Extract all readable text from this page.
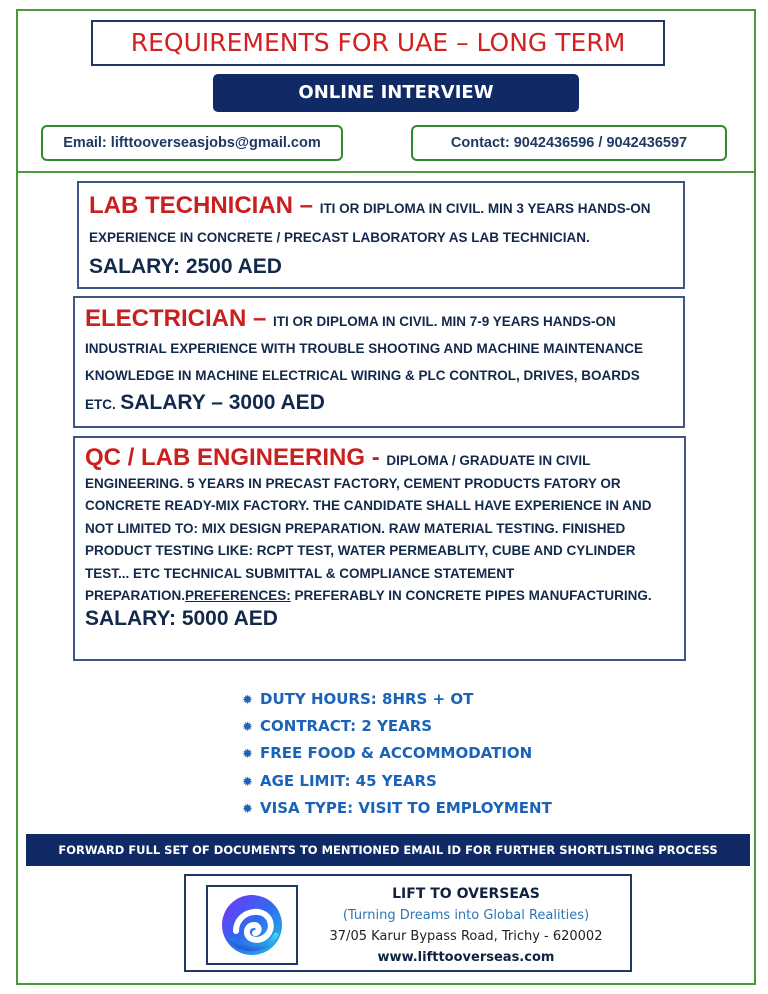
REQUIREMENTS FOR UAE – LONG TERM
ONLINE INTERVIEW
Email: lifttooverseasjobs@gmail.com	Contact: 9042436596 / 9042436597

LAB TECHNICIAN – ITI OR DIPLOMA IN CIVIL. MIN 3 YEARS HANDS-ON EXPERIENCE IN CONCRETE / PRECAST LABORATORY AS LAB TECHNICIAN. SALARY: 2500 AED

ELECTRICIAN – ITI OR DIPLOMA IN CIVIL. MIN 7-9 YEARS HANDS-ON INDUSTRIAL EXPERIENCE WITH TROUBLE SHOOTING AND MACHINE MAINTENANCE KNOWLEDGE IN MACHINE ELECTRICAL WIRING & PLC CONTROL, DRIVES, BOARDS ETC. SALARY – 3000 AED

QC / LAB ENGINEERING - DIPLOMA / GRADUATE IN CIVIL ENGINEERING. 5 YEARS IN PRECAST FACTORY, CEMENT PRODUCTS FATORY OR CONCRETE READY-MIX FACTORY. THE CANDIDATE SHALL HAVE EXPERIENCE IN AND NOT LIMITED TO: MIX DESIGN PREPARATION. RAW MATERIAL TESTING. FINISHED PRODUCT TESTING LIKE: RCPT TEST, WATER PERMEABLITY, CUBE AND CYLINDER TEST... ETC TECHNICAL SUBMITTAL & COMPLIANCE STATEMENT PREPARATION.PREFERENCES: PREFERABLY IN CONCRETE PIPES MANUFACTURING. SALARY: 5000 AED

✹ DUTY HOURS: 8HRS + OT
✹ CONTRACT: 2 YEARS
✹ FREE FOOD & ACCOMMODATION
✹ AGE LIMIT: 45 YEARS
✹ VISA TYPE: VISIT TO EMPLOYMENT
FORWARD FULL SET OF DOCUMENTS TO MENTIONED EMAIL ID FOR FURTHER SHORTLISTING PROCESS
LIFT TO OVERSEAS
(Turning Dreams into Global Realities)
37/05 Karur Bypass Road, Trichy - 620002
www.lifttooverseas.com
